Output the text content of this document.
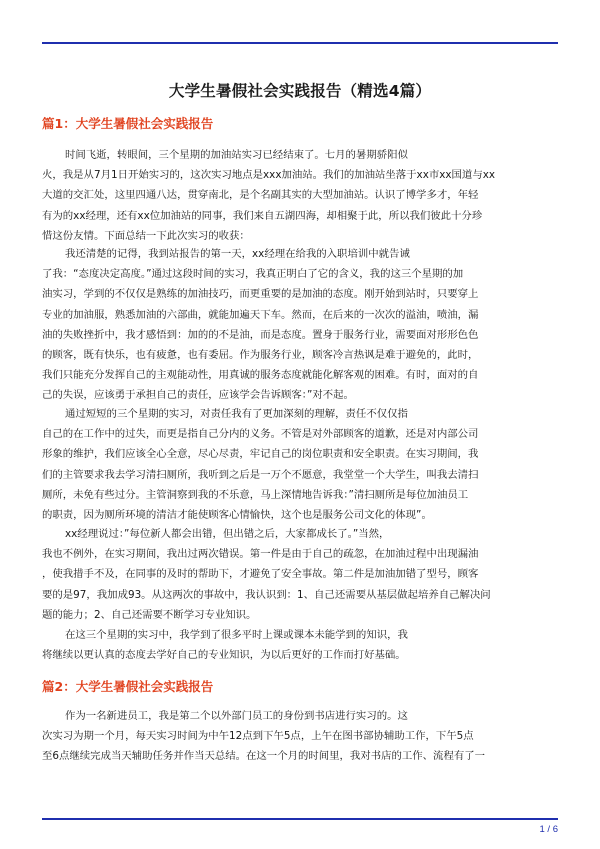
大学生暑假社会实践报告（精选4篇）
篇1：大学生暑假社会实践报告
时间飞逝，转眼间，三个星期的加油站实习已经结束了。七月的暑期骄阳似
火，我是从7月1日开始实习的，这次实习地点是xxx加油站。我们的加油站坐落于xx市xx国道与xx
大道的交汇处，这里四通八达，贯穿南北，是个名副其实的大型加油站。认识了博学多才，年轻
有为的xx经理，还有xx位加油站的同事，我们来自五湖四海，却相聚于此，所以我们彼此十分珍
惜这份友情。下面总结一下此次实习的收获：
我还清楚的记得，我到站报告的第一天，xx经理在给我的入职培训中就告诫
了我：“态度决定高度。”通过这段时间的实习，我真正明白了它的含义，我的这三个星期的加
油实习，学到的不仅仅是熟练的加油技巧，而更重要的是加油的态度。刚开始到站时，只要穿上
专业的加油服，熟悉加油的六部曲，就能加遍天下车。然而，在后来的一次次的溢油，喷油，漏
油的失败挫折中，我才感悟到：加的的不是油，而是态度。置身于服务行业，需要面对形形色色
的顾客，既有快乐，也有疲惫，也有委屈。作为服务行业，顾客冷言热讽是难于避免的，此时，
我们只能充分发挥自己的主观能动性，用真诚的服务态度就能化解客观的困难。有时，面对的自
己的失误，应该勇于承担自己的责任，应该学会告诉顾客：”对不起。
通过短短的三个星期的实习，对责任我有了更加深刻的理解，责任不仅仅指
自己的在工作中的过失，而更是指自己分内的义务。不管是对外部顾客的道歉，还是对内部公司
形象的维护，我们应该全心全意，尽心尽责，牢记自己的岗位职责和安全职责。在实习期间，我
们的主管要求我去学习清扫厕所，我听到之后是一万个不愿意，我堂堂一个大学生，叫我去清扫
厕所，未免有些过分。主管洞察到我的不乐意，马上深情地告诉我：”清扫厕所是每位加油员工
的职责，因为厕所环境的清洁才能使顾客心情愉快，这个也是服务公司文化的体现”。
xx经理说过：”每位新人都会出错，但出错之后，大家都成长了。”当然，
我也不例外，在实习期间，我出过两次错误。第一件是由于自己的疏忽，在加油过程中出现漏油
，使我措手不及，在同事的及时的帮助下，才避免了安全事故。第二件是加油加错了型号，顾客
要的是97，我加成93。从这两次的事故中，我认识到：1、自己还需要从基层做起培养自己解决问
题的能力；2、自己还需要不断学习专业知识。
在这三个星期的实习中，我学到了很多平时上课或课本未能学到的知识，我
将继续以更认真的态度去学好自己的专业知识，为以后更好的工作而打好基础。
篇2：大学生暑假社会实践报告
作为一名新进员工，我是第二个以外部门员工的身份到书店进行实习的。这
次实习为期一个月，每天实习时间为中午12点到下午5点，上午在图书部协辅助工作，下午5点
至6点继续完成当天辅助任务并作当天总结。在这一个月的时间里，我对书店的工作、流程有了一
1 / 6
